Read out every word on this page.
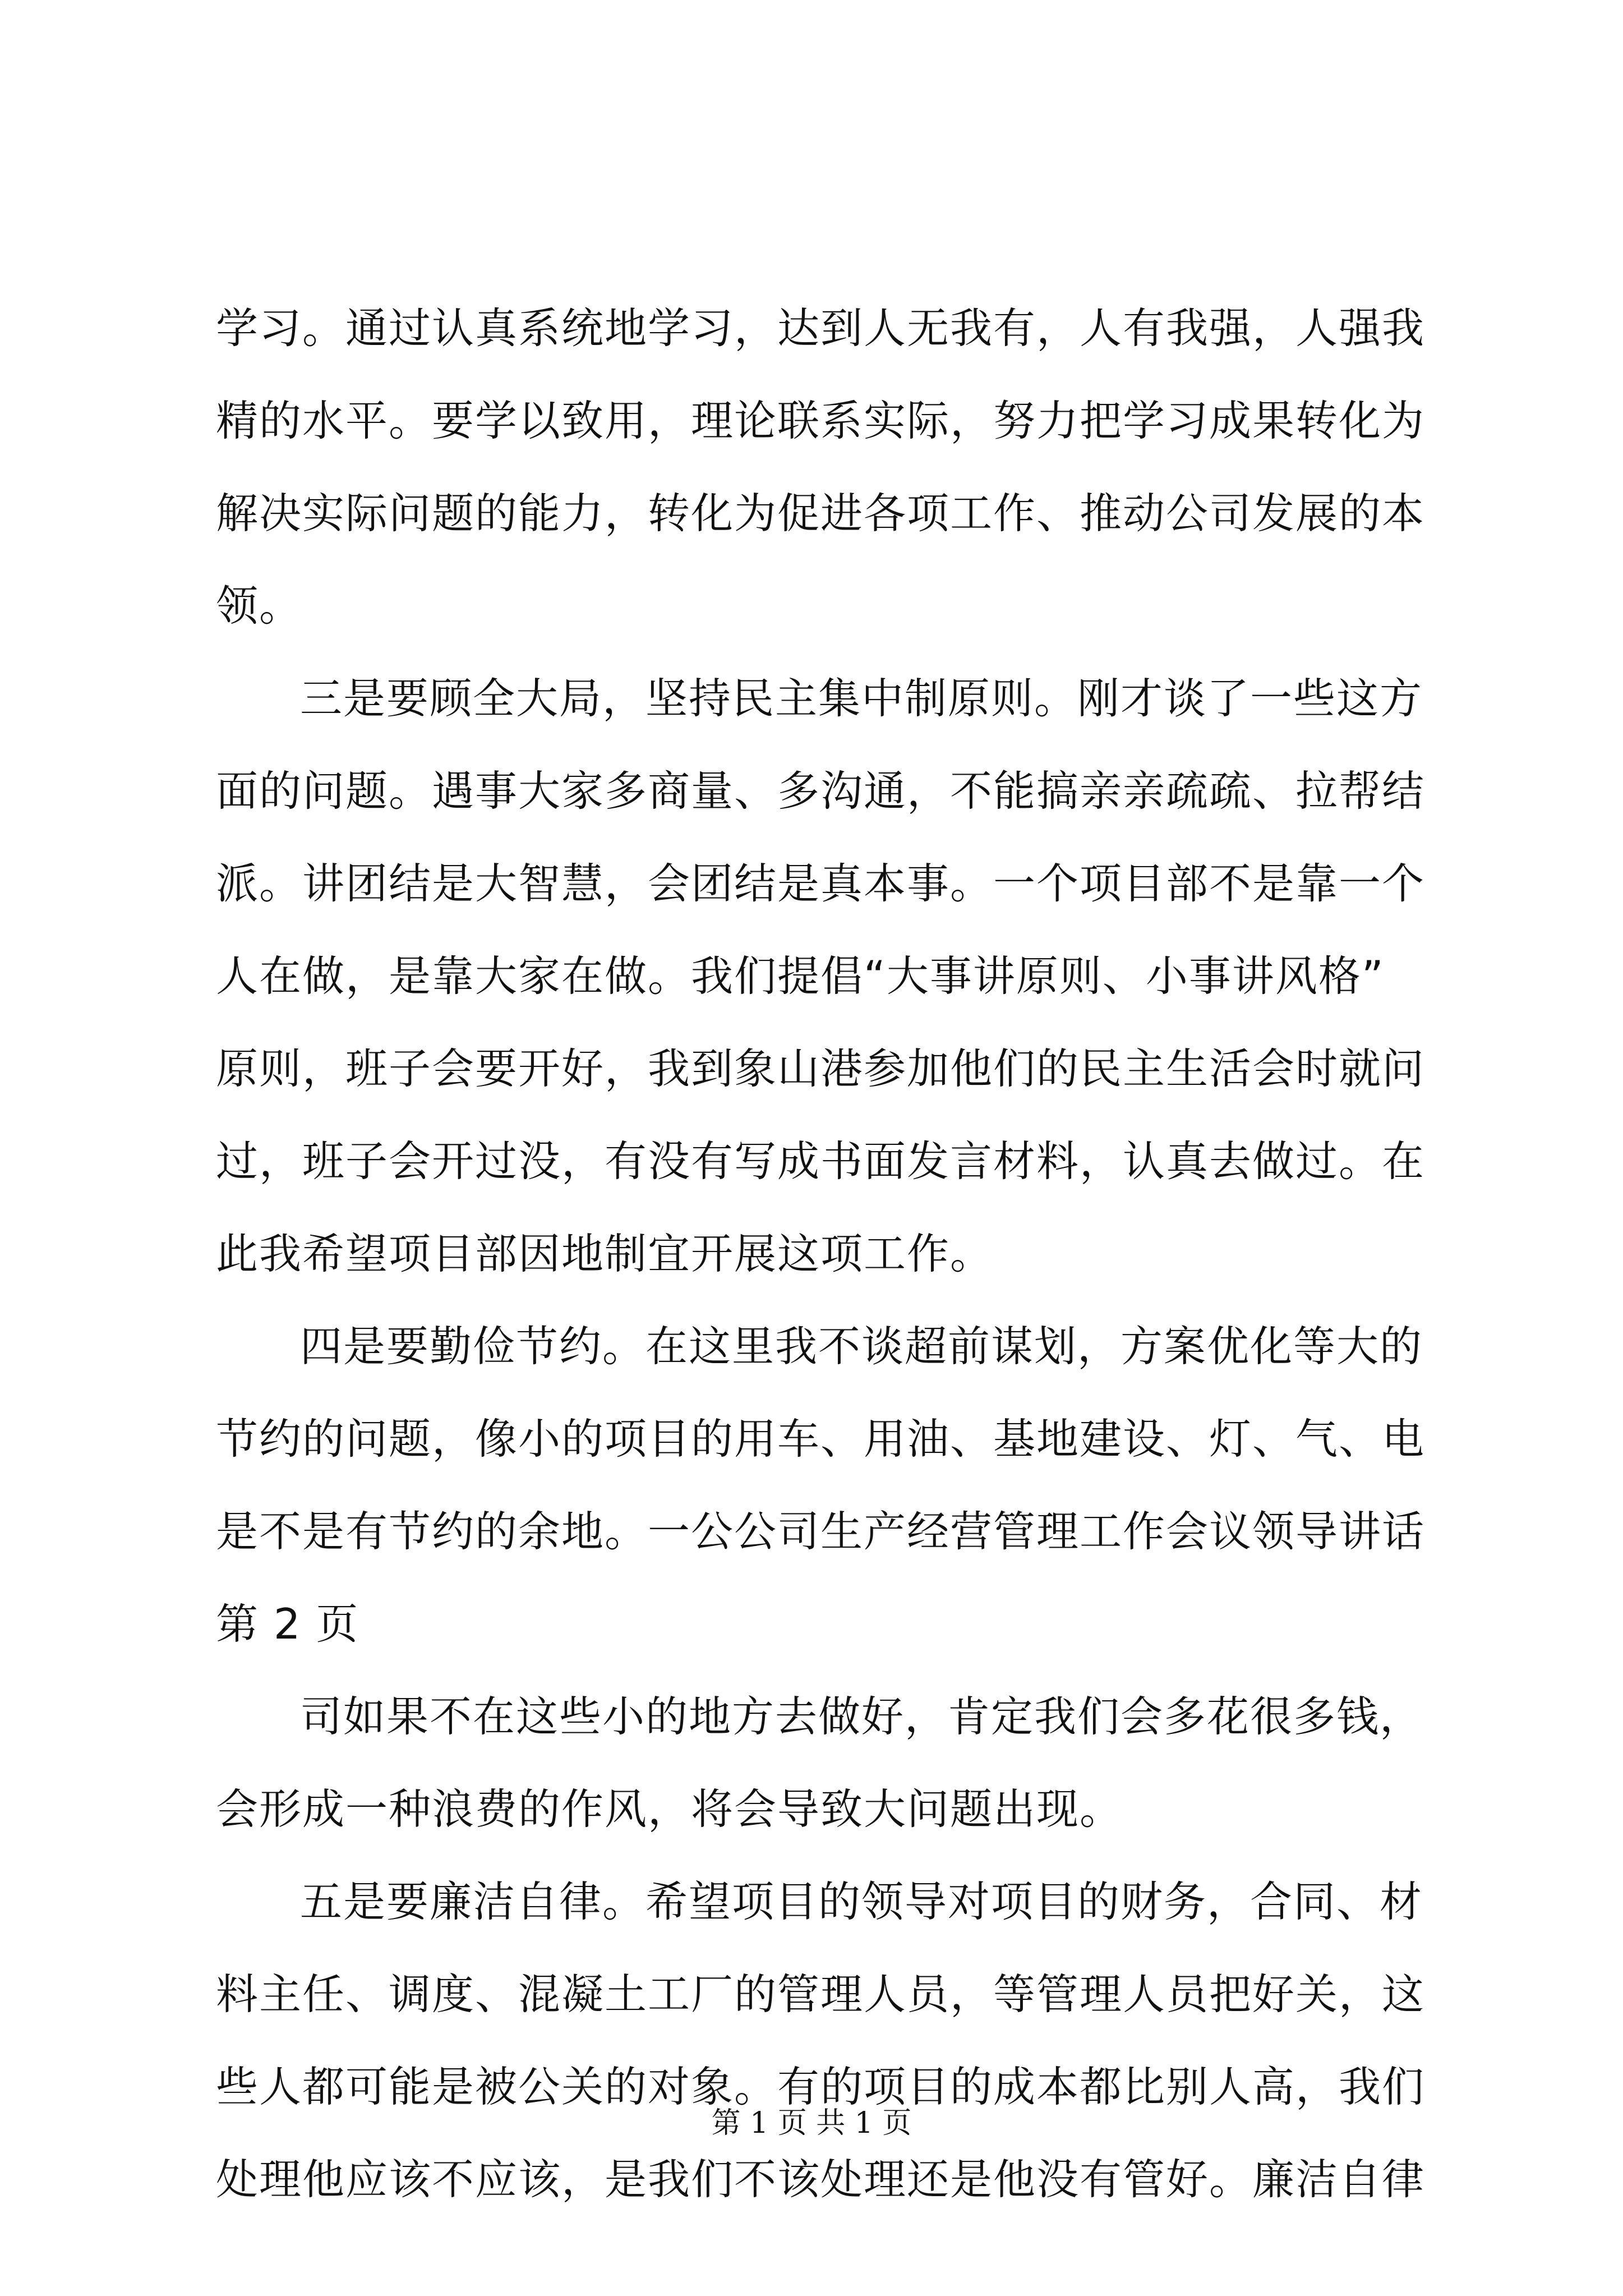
学习。通过认真系统地学习，达到人无我有，人有我强，人强我
精的水平。要学以致用，理论联系实际，努力把学习成果转化为
解决实际问题的能力，转化为促进各项工作、推动公司发展的本
领。
三是要顾全大局，坚持民主集中制原则。刚才谈了一些这方
面的问题。遇事大家多商量、多沟通，不能搞亲亲疏疏、拉帮结
派。讲团结是大智慧，会团结是真本事。一个项目部不是靠一个
人在做，是靠大家在做。我们提倡“大事讲原则、小事讲风格”
原则，班子会要开好，我到象山港参加他们的民主生活会时就问
过，班子会开过没，有没有写成书面发言材料，认真去做过。在
此我希望项目部因地制宜开展这项工作。
四是要勤俭节约。在这里我不谈超前谋划，方案优化等大的
节约的问题，像小的项目的用车、用油、基地建设、灯、气、电
是不是有节约的余地。一公公司生产经营管理工作会议领导讲话
第 2 页
司如果不在这些小的地方去做好，肯定我们会多花很多钱，
会形成一种浪费的作风，将会导致大问题出现。
五是要廉洁自律。希望项目的领导对项目的财务，合同、材
料主任、调度、混凝土工厂的管理人员，等管理人员把好关，这
些人都可能是被公关的对象。有的项目的成本都比别人高，我们
处理他应该不应该，是我们不该处理还是他没有管好。廉洁自律
第 1 页 共 1 页
